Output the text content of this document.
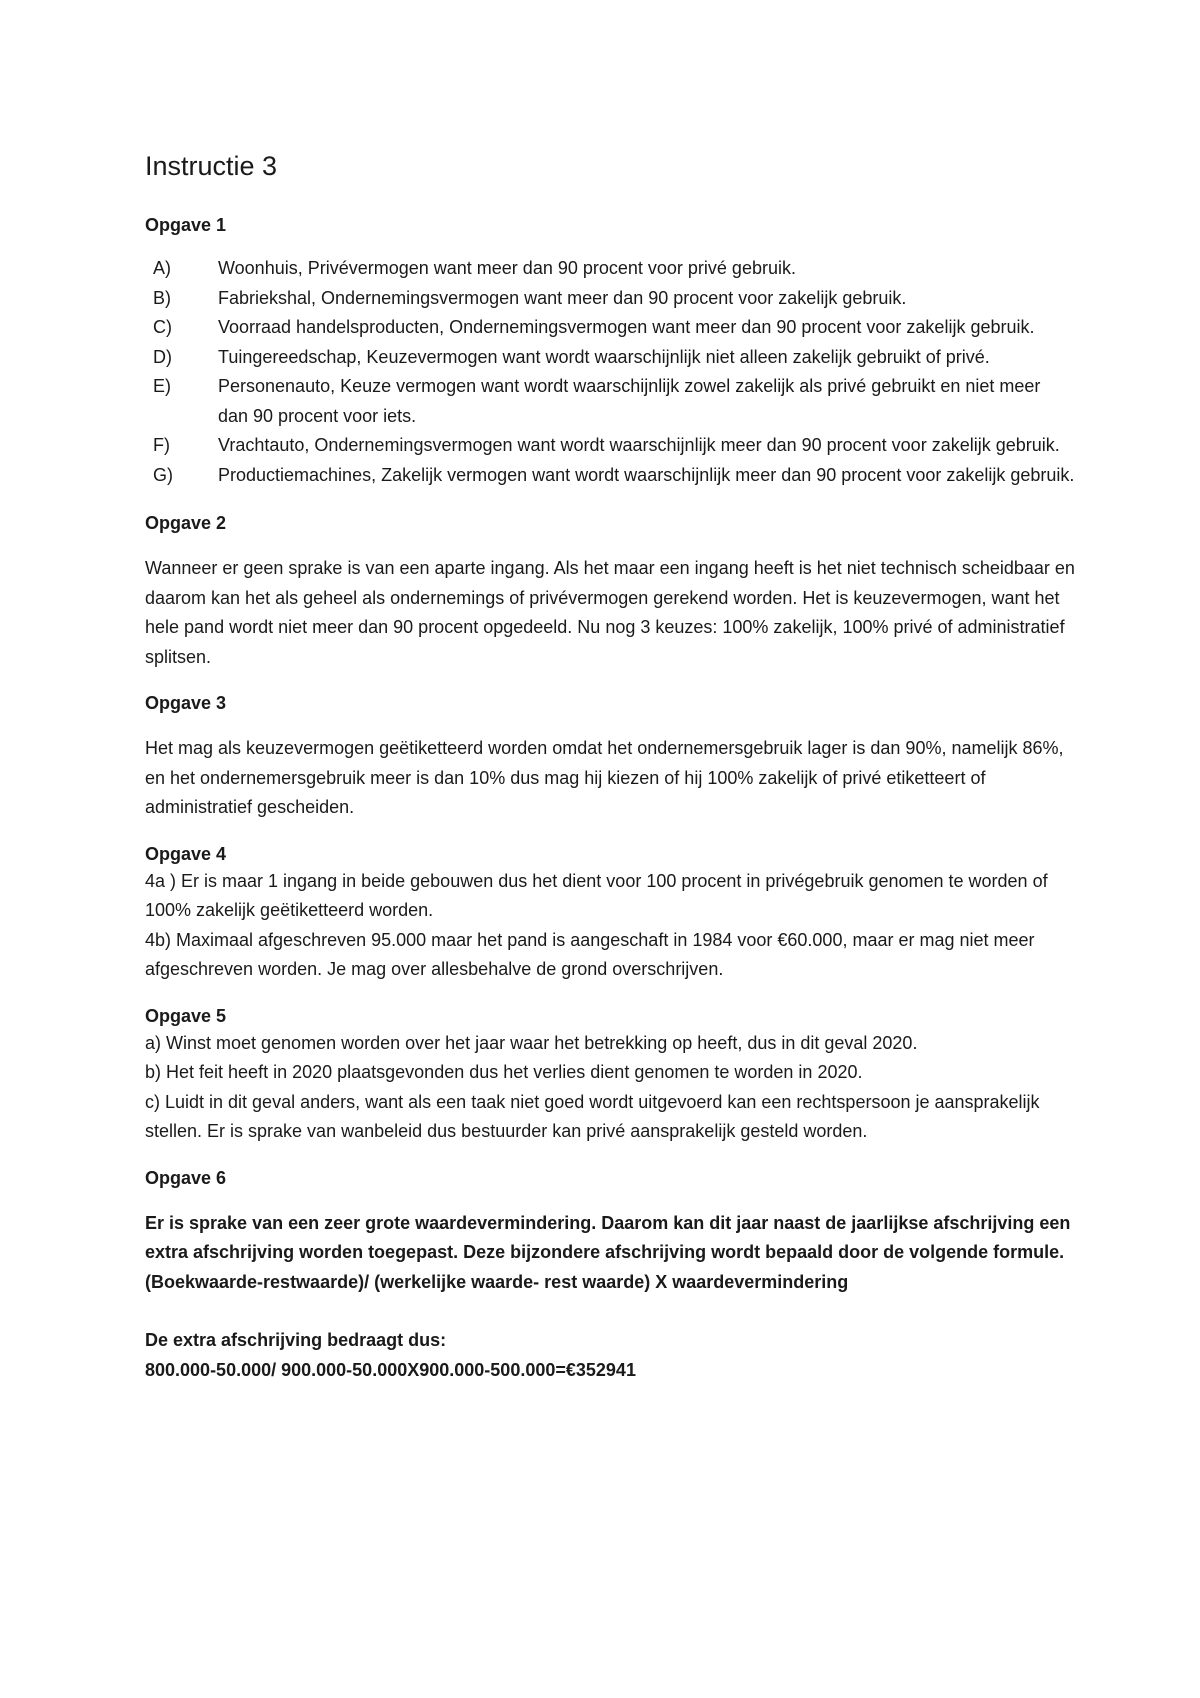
Instructie 3
Opgave 1
A)	Woonhuis, Privévermogen want meer dan 90 procent voor privé gebruik.
B)	Fabriekshal, Ondernemingsvermogen want meer dan 90 procent voor zakelijk gebruik.
C)	Voorraad handelsproducten, Ondernemingsvermogen want meer dan 90 procent voor zakelijk gebruik.
D)	Tuingereedschap, Keuzevermogen want wordt waarschijnlijk niet alleen zakelijk gebruikt of privé.
E)	Personenauto, Keuze vermogen want wordt waarschijnlijk zowel zakelijk als privé gebruikt en niet meer dan 90 procent voor iets.
F)	Vrachtauto, Ondernemingsvermogen want wordt waarschijnlijk meer dan 90 procent voor zakelijk gebruik.
G)	Productiemachines, Zakelijk vermogen want wordt waarschijnlijk meer dan 90 procent voor zakelijk gebruik.
Opgave 2

Wanneer er geen sprake is van een aparte ingang. Als het maar een ingang heeft is het niet technisch scheidbaar en daarom kan het als geheel als ondernemings of privévermogen gerekend worden. Het is keuzevermogen, want het hele pand wordt niet meer dan 90 procent opgedeeld. Nu nog 3 keuzes: 100% zakelijk, 100% privé of administratief splitsen.

Opgave 3

Het mag als keuzevermogen geëtiketteerd worden omdat het ondernemersgebruik lager is dan 90%, namelijk 86%, en het ondernemersgebruik meer is dan 10% dus mag hij kiezen of hij 100% zakelijk of privé etiketteert of administratief gescheiden.

Opgave 4

4a ) Er is maar 1 ingang in beide gebouwen dus het dient voor 100 procent in privégebruik genomen te worden of 100% zakelijk geëtiketteerd worden.

4b) Maximaal afgeschreven 95.000 maar het pand is aangeschaft in 1984 voor €60.000, maar er mag niet meer afgeschreven worden. Je mag over allesbehalve de grond overschrijven.

Opgave 5

a) Winst moet genomen worden over het jaar waar het betrekking op heeft, dus in dit geval 2020.

b) Het feit heeft in 2020 plaatsgevonden dus het verlies dient genomen te worden in 2020.

c) Luidt in dit geval anders, want als een taak niet goed wordt uitgevoerd kan een rechtspersoon je aansprakelijk stellen. Er is sprake van wanbeleid dus bestuurder kan privé aansprakelijk gesteld worden.

Opgave 6

Er is sprake van een zeer grote waardevermindering. Daarom kan dit jaar naast de jaarlijkse afschrijving een extra afschrijving worden toegepast. Deze bijzondere afschrijving wordt bepaald door de volgende formule.

(Boekwaarde-restwaarde)/ (werkelijke waarde- rest waarde) X waardevermindering

De extra afschrijving bedraagt dus:

800.000-50.000/ 900.000-50.000X900.000-500.000=€352941
